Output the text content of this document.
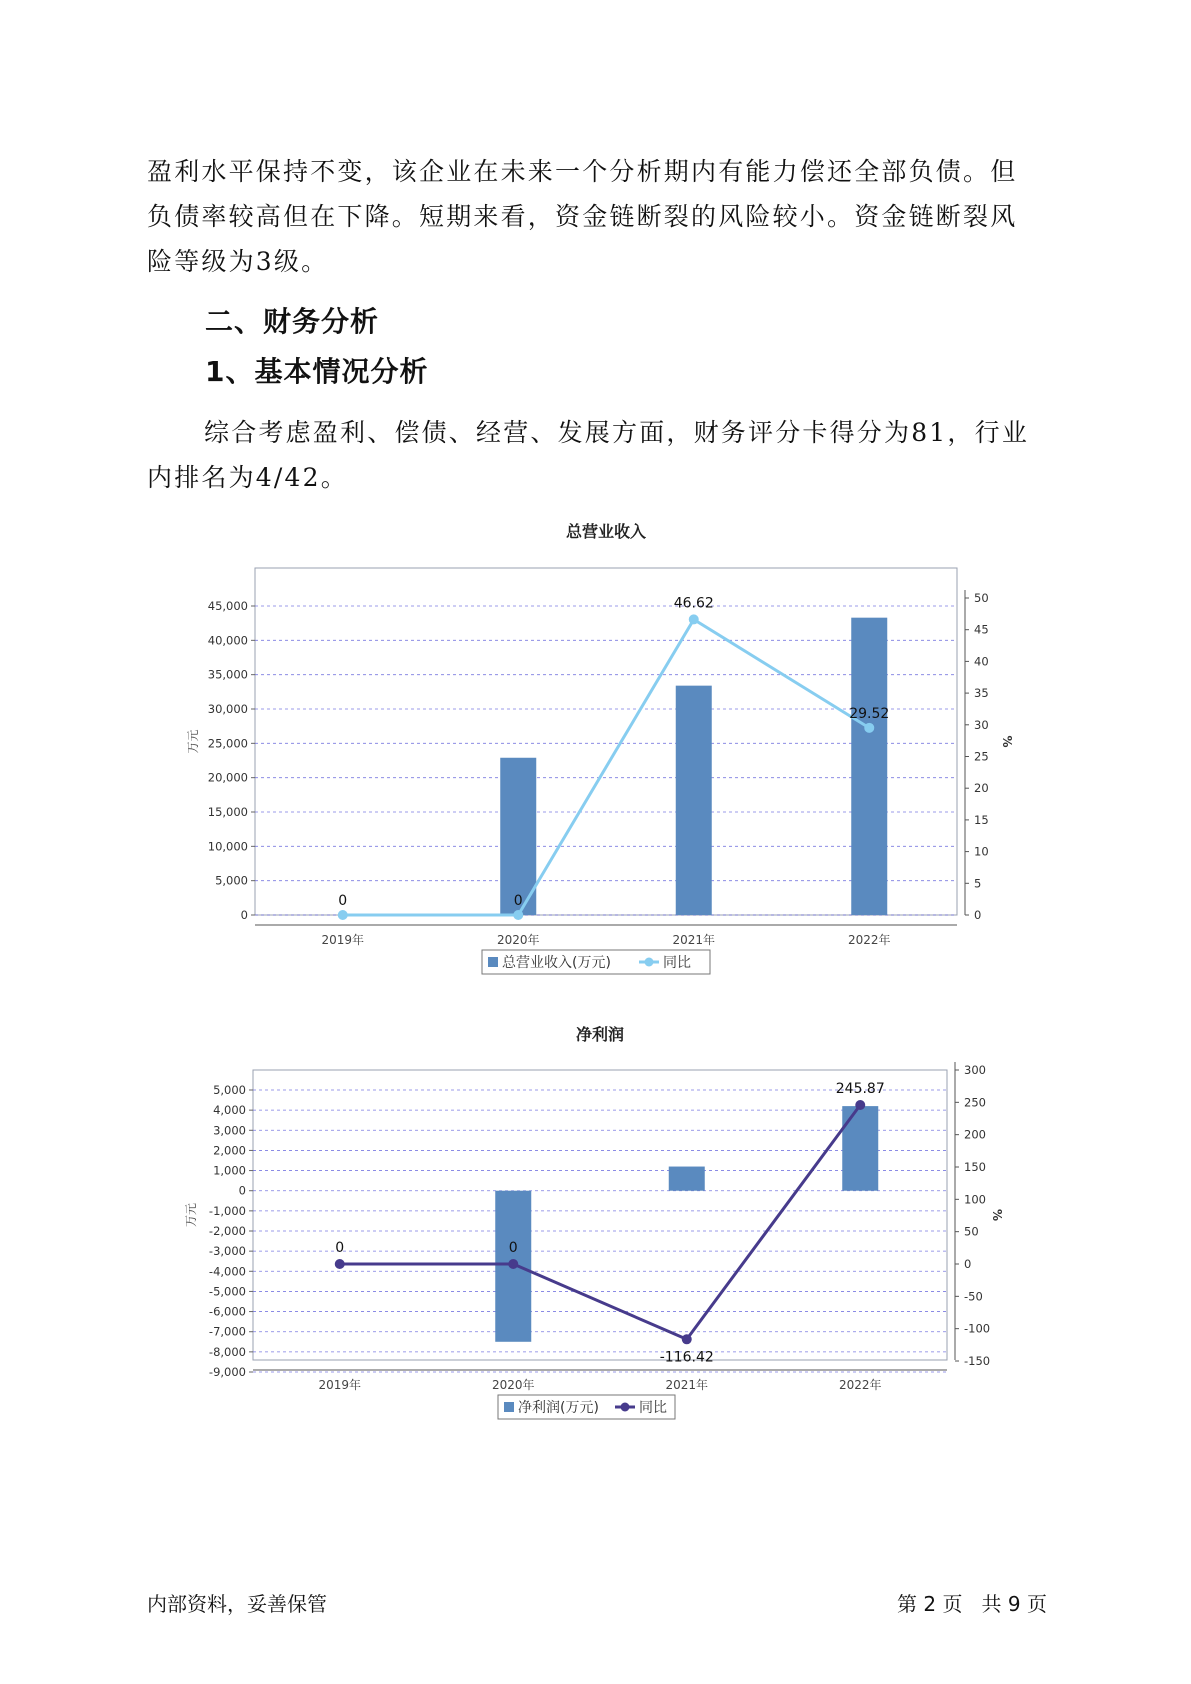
盈利水平保持不变，该企业在未来一个分析期内有能力偿还全部负债。但

负债率较高但在下降。短期来看，资金链断裂的风险较小。资金链断裂风

险等级为3级。

二、财务分析
1、基本情况分析

综合考虑盈利、偿债、经营、发展方面，财务评分卡得分为81，行业

内排名为4/42。

总营业收入
0
5,000
10,000
15,000
20,000
25,000
30,000
35,000
40,000
45,000
0
5
10
15
20
25
30
35
40
45
50
万元	%
2019年	2020年	2021年	2022年
0	0
46.62
29.52
总营业收入(万元)	同比
净利润
5,000
4,000
3,000
2,000
1,000
0
-1,000
-2,000
-3,000
-4,000
-5,000
-6,000
-7,000
-8,000
-9,000
300
250
200
150
100
50
0
-50
-100
-150
万元	%
2019年	2020年	2021年	2022年
0	0
-116.42
245.87
净利润(万元)	同比
内部资料，妥善保管	第 2 页   共 9 页
